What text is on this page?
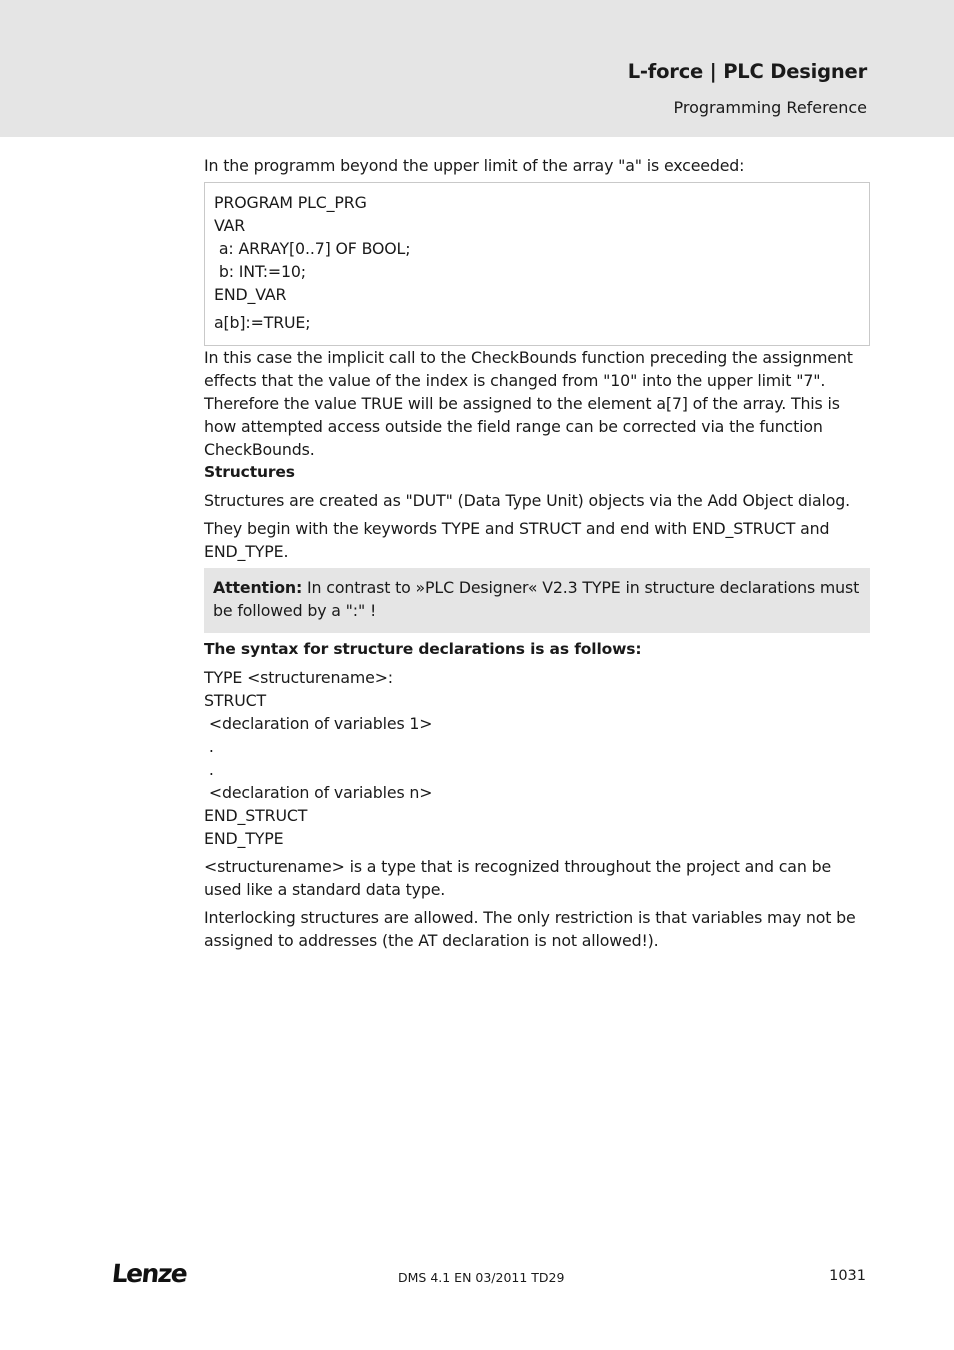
L-force | PLC Designer
Programming Reference

In the programm beyond the upper limit of the array "a" is exceeded:

PROGRAM PLC_PRG
VAR
a: ARRAY[0..7] OF BOOL;
b: INT:=10;
END_VAR
a[b]:=TRUE;

In this case the implicit call to the CheckBounds function preceding the assignment effects that the value of the index is changed from "10" into the upper limit "7". Therefore the value TRUE will be assigned to the element a[7] of the array. This is how attempted access outside the field range can be corrected via the function CheckBounds.

Structures

Structures are created as "DUT" (Data Type Unit) objects via the Add Object dialog.

They begin with the keywords TYPE and STRUCT and end with END_STRUCT and END_TYPE.

Attention: In contrast to »PLC Designer« V2.3 TYPE in structure declarations must be followed by a ":" !

The syntax for structure declarations is as follows:

TYPE <structurename>:
STRUCT
<declaration of variables 1>
.
.
<declaration of variables n>
END_STRUCT
END_TYPE

<structurename> is a type that is recognized throughout the project and can be used like a standard data type.

Interlocking structures are allowed. The only restriction is that variables may not be assigned to addresses (the AT declaration is not allowed!).

Lenze	DMS 4.1 EN 03/2011 TD29	1031
